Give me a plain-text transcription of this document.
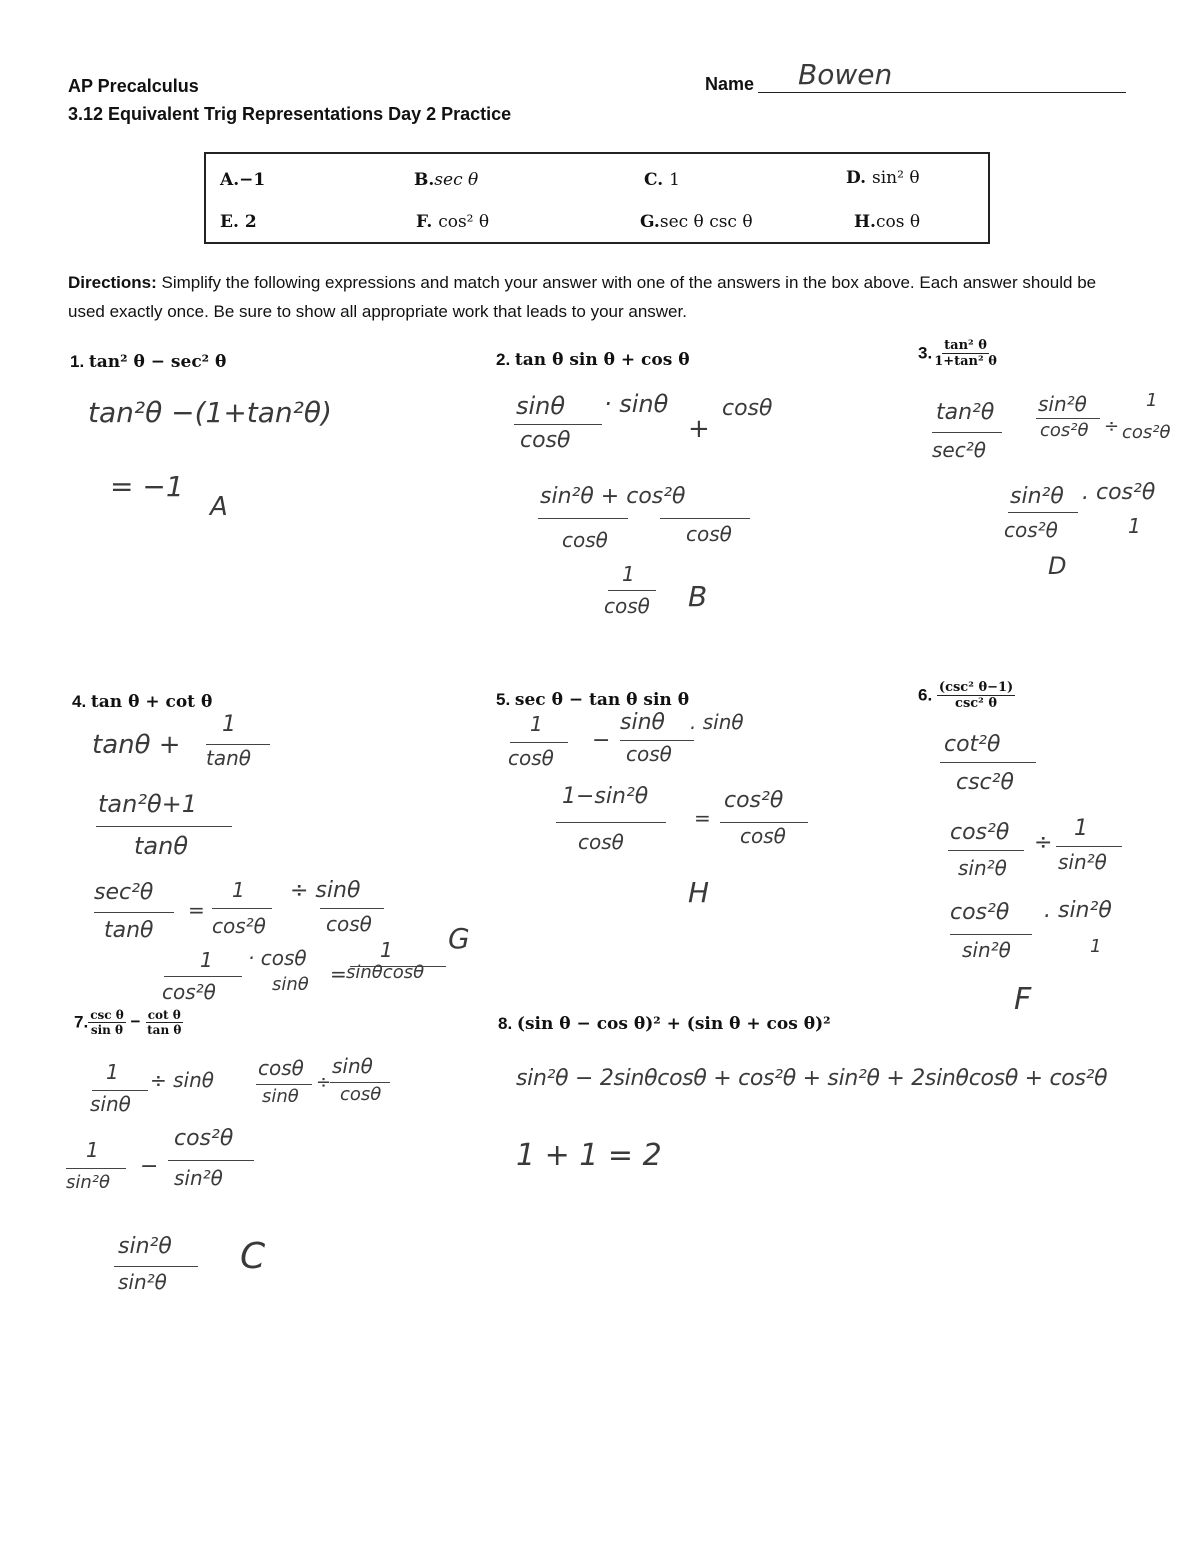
AP Precalculus
3.12 Equivalent Trig Representations Day 2 Practice
Name Bowen
A.−1	B.sec θ	C. 1	D. sin² θ
E. 2	F. cos² θ	G.sec θ csc θ	H.cos θ
Directions: Simplify the following expressions and match your answer with one of the answers in the box above. Each answer should be used exactly once. Be sure to show all appropriate work that leads to your answer.
1. tan² θ − sec² θ
tan²θ −(1+tan²θ)
= −1
A
2. tan θ sin θ + cos θ
sinθ
cosθ
· sinθ
+
cosθ
sin²θ + cos²θ
cosθ	cosθ
1
cosθ B
3. $\frac{\text{tan² θ}}{\text{1+tan² θ}}$
tan²θ
sec²θ
sin²θ
cos²θ ÷
1
cos²θ
sin²θ
cos²θ
. cos²θ
1
D
4. tan θ + cot θ
tanθ +
1
tanθ
tan²θ+1
tanθ
sec²θ
tanθ
=
1
cos²θ
÷ sinθ
cosθ
1
cos²θ
· cosθ
sinθ =
1
sinθcosθ
G
5. sec θ − tan θ sin θ
1
cosθ
−
sinθ
cosθ
. sinθ
1−sin²θ
cosθ
=
cos²θ
cosθ
H
6. $\frac{\text{(csc² θ−1)}}{\text{csc² θ}}$
cot²θ
csc²θ
cos²θ
sin²θ
÷
1
sin²θ
cos²θ
sin²θ
. sin²θ
1
F
7. $\frac{\text{csc θ}}{\text{sin θ}} - \frac{\text{cot θ}}{\text{tan θ}}$
1
sinθ
÷ sinθ cosθ
sinθ
÷
sinθ
cosθ
1
sin²θ
−
cos²θ
sin²θ
sin²θ
sin²θ
C
8. (sin θ − cos θ)² + (sin θ + cos θ)²
sin²θ − 2sinθcosθ + cos²θ + sin²θ + 2sinθcosθ + cos²θ
1 + 1 = 2
